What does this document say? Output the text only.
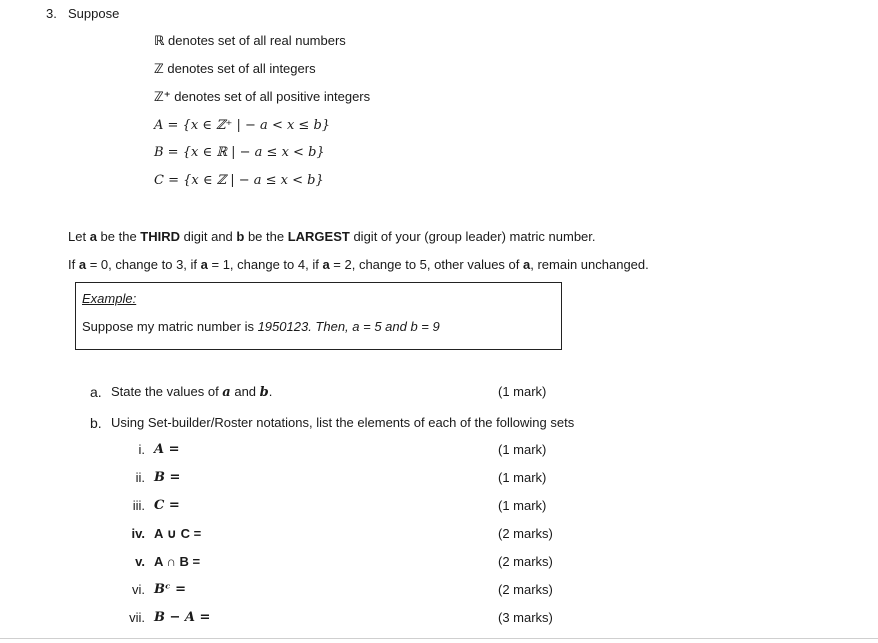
3. Suppose
ℝ denotes set of all real numbers
ℤ denotes set of all integers
ℤ⁺ denotes set of all positive integers
A = {x ∈ ℤ⁺ | − a < x ≤ b}
B = {x ∈ ℝ | − a ≤ x < b}
C = {x ∈ ℤ | − a ≤ x < b}
Let a be the THIRD digit and b be the LARGEST digit of your (group leader) matric number.
If a = 0, change to 3, if a = 1, change to 4, if a = 2, change to 5, other values of a, remain unchanged.
Example:
Suppose my matric number is 1950123. Then, a = 5 and b = 9
a. State the values of a and b.	(1 mark)
b. Using Set-builder/Roster notations, list the elements of each of the following sets
i. A =	(1 mark)
ii. B =	(1 mark)
iii. C =	(1 mark)
iv. A ∪ C =	(2 marks)
v. A ∩ B =	(2 marks)
vi. Bᶜ =	(2 marks)
vii. B − A =	(3 marks)
